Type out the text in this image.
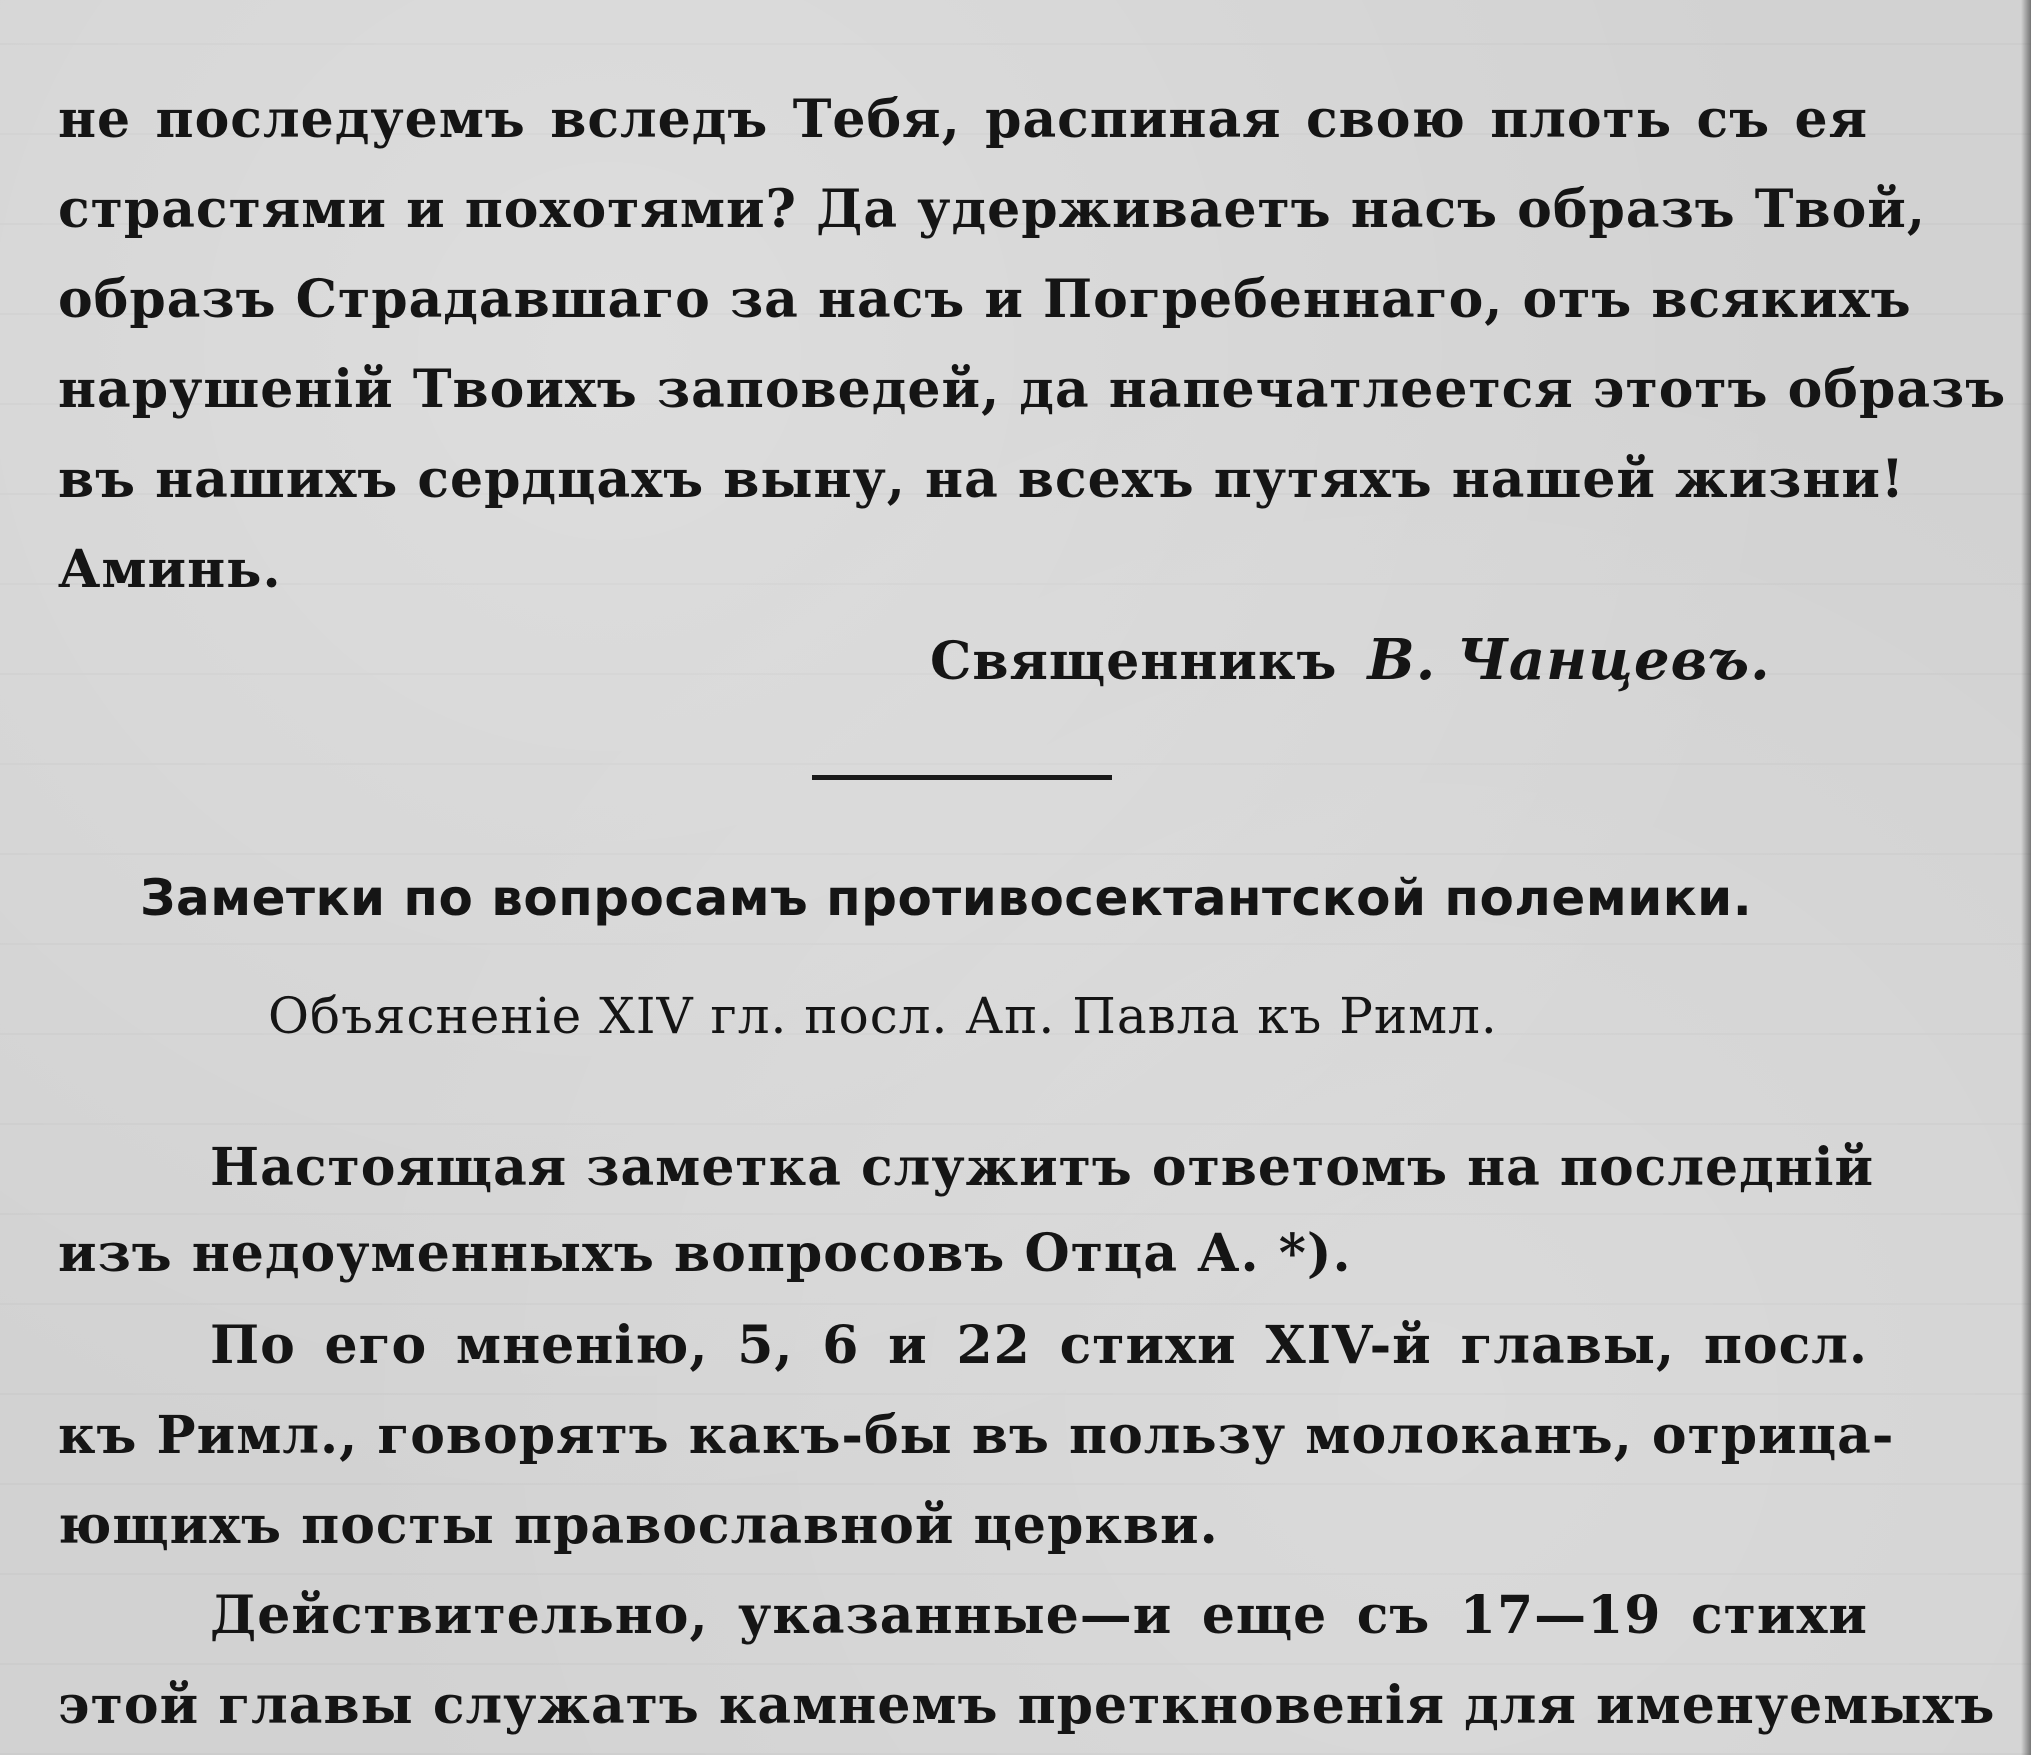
не последуемъ вследъ Тебя, распиная свою плоть съ ея
страстями и похотями? Да удерживаетъ насъ образъ Твой,
образъ Страдавшаго за насъ и Погребеннаго, отъ всякихъ
нарушенiй Твоихъ заповедей, да напечатлеется этотъ образъ
въ нашихъ сердцахъ выну, на всехъ путяхъ нашей жизни!
Аминь.
Священникъ В. Чанцевъ.
Заметки по вопросамъ противосектантской полемики.
Объясненiе XIV гл. посл. Ап. Павла къ Римл.
Настоящая заметка служитъ ответомъ на последнiй
изъ недоуменныхъ вопросовъ Отца А. *).
По его мненiю, 5, 6 и 22 стихи XIV-й главы, посл.
къ Римл., говорятъ какъ-бы въ пользу молоканъ, отрица-
ющихъ посты православной церкви.
Действительно, указанные—и еще съ 17—19 стихи
этой главы служатъ камнемъ преткновенiя для именуемыхъ
